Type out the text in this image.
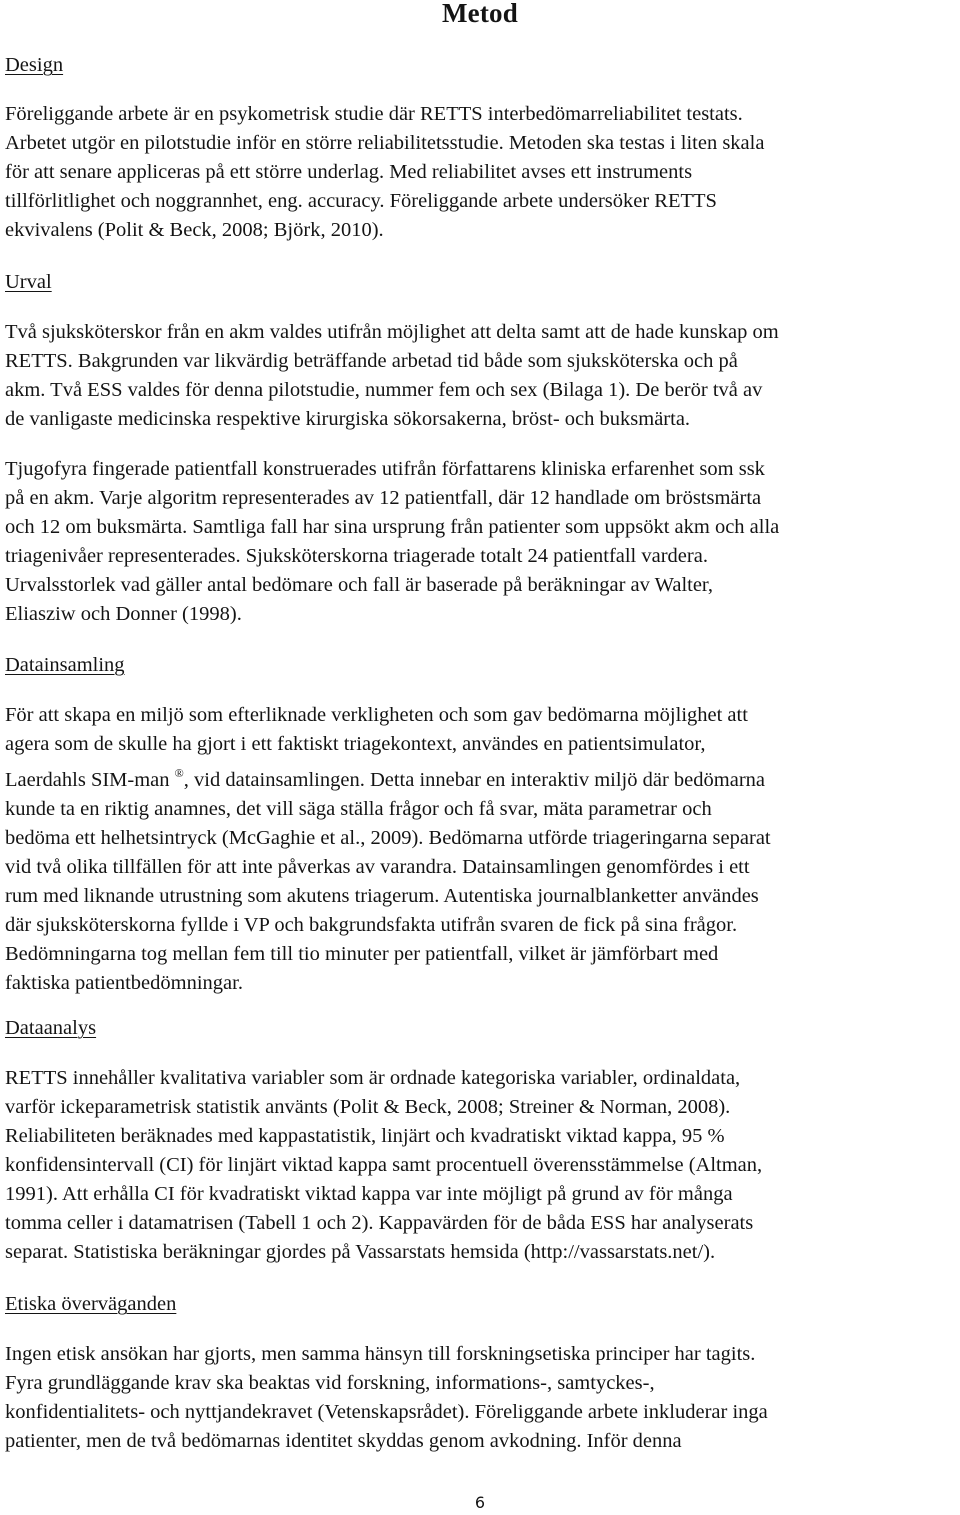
Metod
Design
Föreliggande arbete är en psykometrisk studie där RETTS interbedömarreliabilitet testats.
Arbetet utgör en pilotstudie inför en större reliabilitetsstudie. Metoden ska testas i liten skala
för att senare appliceras på ett större underlag. Med reliabilitet avses ett instruments
tillförlitlighet och noggrannhet, eng. accuracy. Föreliggande arbete undersöker RETTS
ekvivalens (Polit & Beck, 2008; Björk, 2010).
Urval
Två sjuksköterskor från en akm valdes utifrån möjlighet att delta samt att de hade kunskap om
RETTS. Bakgrunden var likvärdig beträffande arbetad tid både som sjuksköterska och på
akm. Två ESS valdes för denna pilotstudie, nummer fem och sex (Bilaga 1). De berör två av
de vanligaste medicinska respektive kirurgiska sökorsakerna, bröst- och buksmärta.
Tjugofyra fingerade patientfall konstruerades utifrån författarens kliniska erfarenhet som ssk
på en akm. Varje algoritm representerades av 12 patientfall, där 12 handlade om bröstsmärta
och 12 om buksmärta. Samtliga fall har sina ursprung från patienter som uppsökt akm och alla
triagenivåer representerades. Sjuksköterskorna triagerade totalt 24 patientfall vardera.
Urvalsstorlek vad gäller antal bedömare och fall är baserade på beräkningar av Walter,
Eliasziw och Donner (1998).
Datainsamling
För att skapa en miljö som efterliknade verkligheten och som gav bedömarna möjlighet att
agera som de skulle ha gjort i ett faktiskt triagekontext, användes en patientsimulator,
Laerdahls SIM-man ®, vid datainsamlingen. Detta innebar en interaktiv miljö där bedömarna
kunde ta en riktig anamnes, det vill säga ställa frågor och få svar, mäta parametrar och
bedöma ett helhetsintryck (McGaghie et al., 2009). Bedömarna utförde triageringarna separat
vid två olika tillfällen för att inte påverkas av varandra. Datainsamlingen genomfördes i ett
rum med liknande utrustning som akutens triagerum. Autentiska journalblanketter användes
där sjuksköterskorna fyllde i VP och bakgrundsfakta utifrån svaren de fick på sina frågor.
Bedömningarna tog mellan fem till tio minuter per patientfall, vilket är jämförbart med
faktiska patientbedömningar.
Dataanalys
RETTS innehåller kvalitativa variabler som är ordnade kategoriska variabler, ordinaldata,
varför ickeparametrisk statistik använts (Polit & Beck, 2008; Streiner & Norman, 2008).
Reliabiliteten beräknades med kappastatistik, linjärt och kvadratiskt viktad kappa, 95 %
konfidensintervall (CI) för linjärt viktad kappa samt procentuell överensstämmelse (Altman,
1991). Att erhålla CI för kvadratiskt viktad kappa var inte möjligt på grund av för många
tomma celler i datamatrisen (Tabell 1 och 2). Kappavärden för de båda ESS har analyserats
separat. Statistiska beräkningar gjordes på Vassarstats hemsida (http://vassarstats.net/).
Etiska överväganden
Ingen etisk ansökan har gjorts, men samma hänsyn till forskningsetiska principer har tagits.
Fyra grundläggande krav ska beaktas vid forskning, informations-, samtyckes-,
konfidentialitets- och nyttjandekravet (Vetenskapsrådet). Föreliggande arbete inkluderar inga
patienter, men de två bedömarnas identitet skyddas genom avkodning. Inför denna
6
